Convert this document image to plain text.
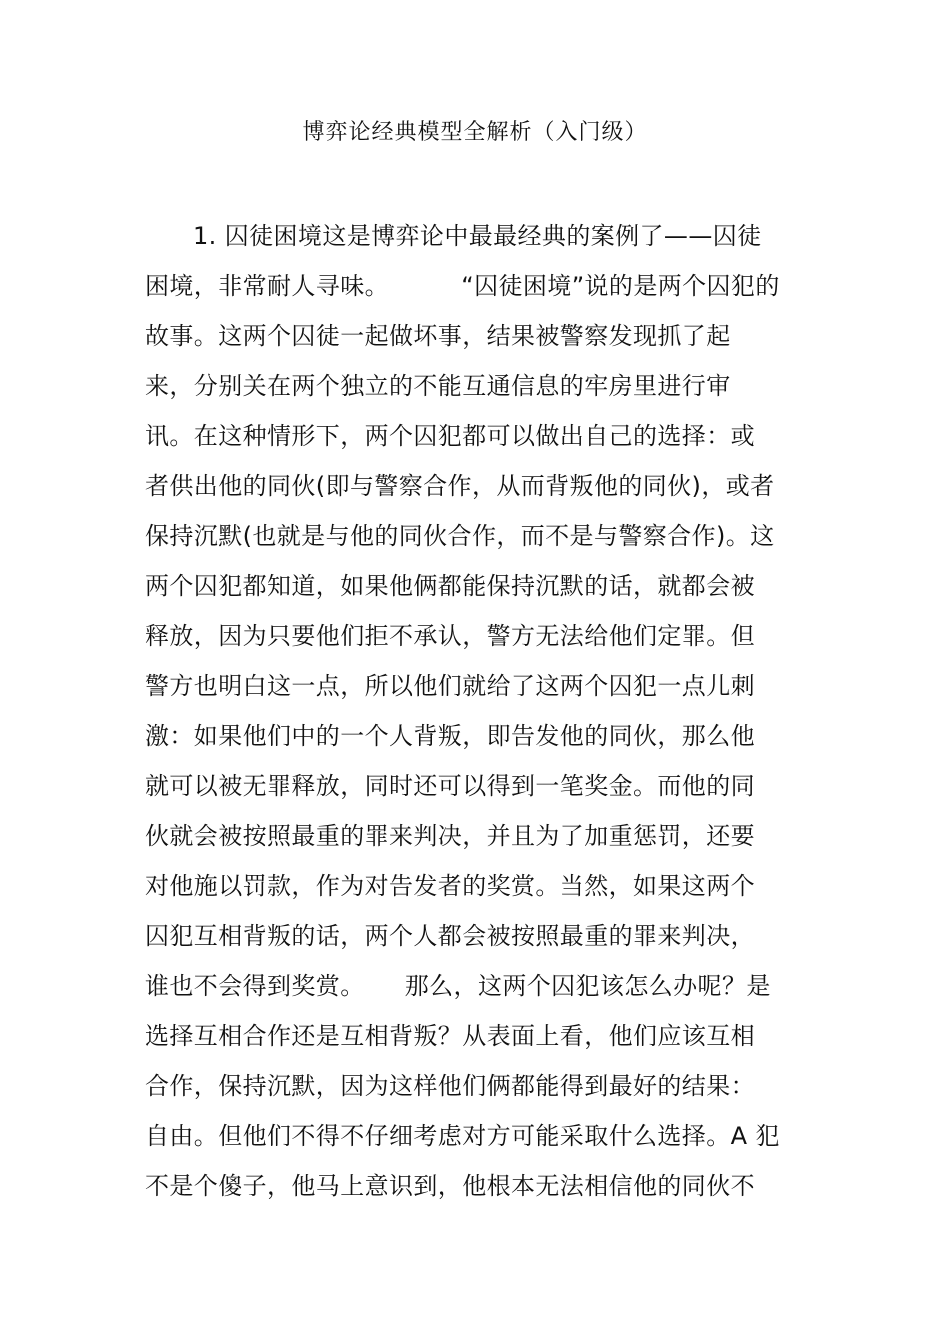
博弈论经典模型全解析（入门级）
1. 囚徒困境这是博弈论中最最经典的案例了——囚徒
困境，非常耐人寻味。         “囚徒困境”说的是两个囚犯的
故事。这两个囚徒一起做坏事，结果被警察发现抓了起
来，分别关在两个独立的不能互通信息的牢房里进行审
讯。在这种情形下，两个囚犯都可以做出自己的选择：或
者供出他的同伙(即与警察合作，从而背叛他的同伙)，或者
保持沉默(也就是与他的同伙合作，而不是与警察合作)。这
两个囚犯都知道，如果他俩都能保持沉默的话，就都会被
释放，因为只要他们拒不承认，警方无法给他们定罪。但
警方也明白这一点，所以他们就给了这两个囚犯一点儿刺
激：如果他们中的一个人背叛，即告发他的同伙，那么他
就可以被无罪释放，同时还可以得到一笔奖金。而他的同
伙就会被按照最重的罪来判决，并且为了加重惩罚，还要
对他施以罚款，作为对告发者的奖赏。当然，如果这两个
囚犯互相背叛的话，两个人都会被按照最重的罪来判决，
谁也不会得到奖赏。     那么，这两个囚犯该怎么办呢？是
选择互相合作还是互相背叛？从表面上看，他们应该互相
合作，保持沉默，因为这样他们俩都能得到最好的结果：
自由。但他们不得不仔细考虑对方可能采取什么选择。A 犯
不是个傻子，他马上意识到，他根本无法相信他的同伙不
